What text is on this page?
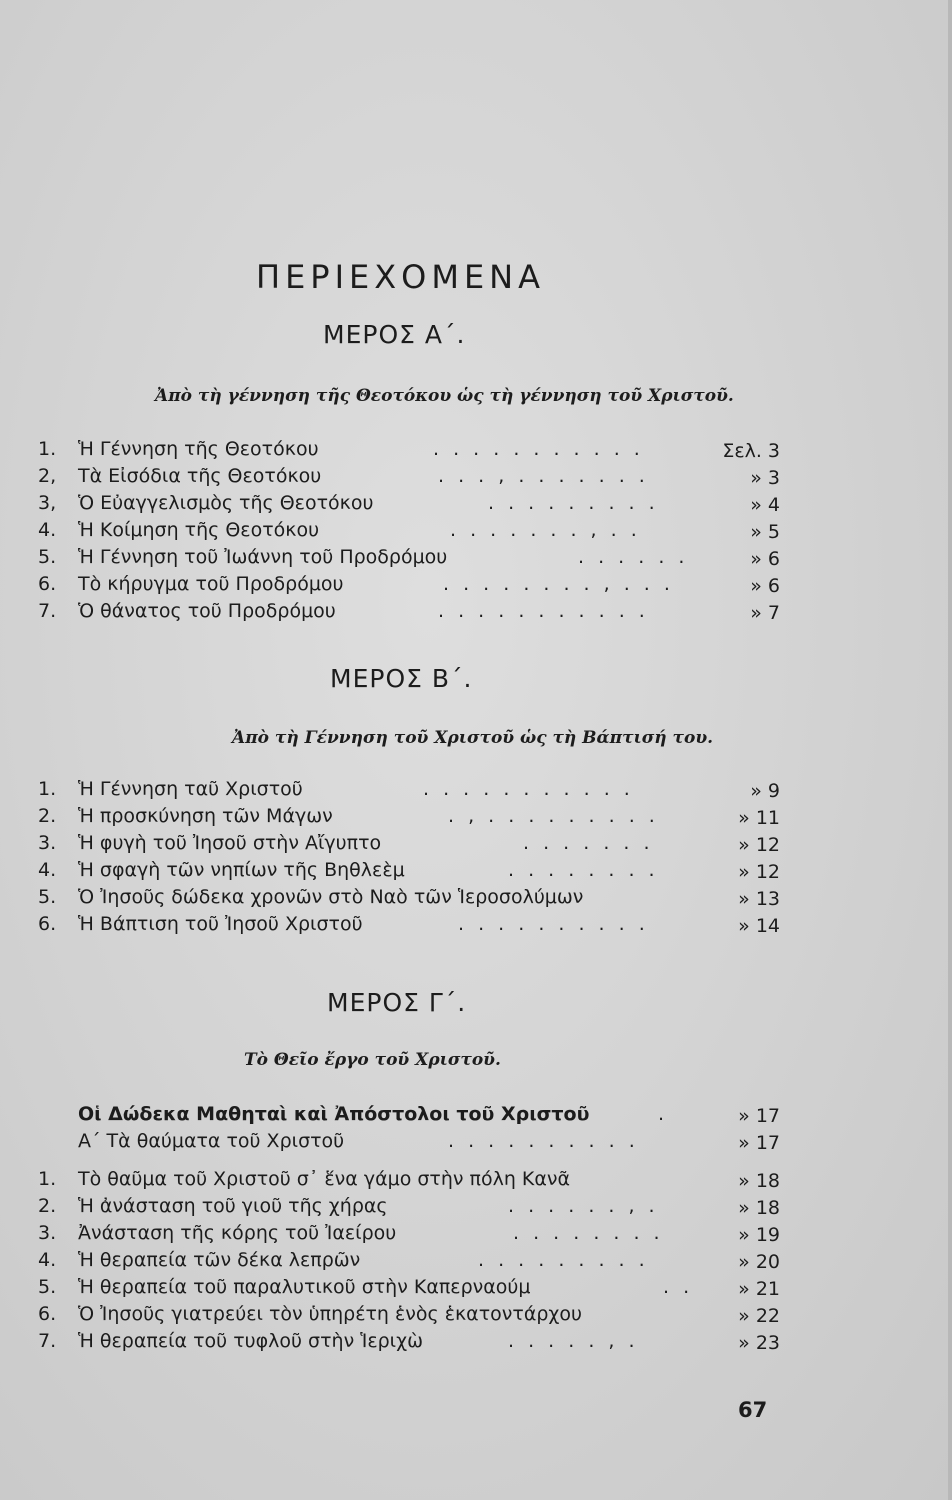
ΠΕΡΙΕΧΟΜΕΝΑ
ΜΕΡΟΣ Α΄.
Ἀπὸ τὴ γέννηση τῆς Θεοτόκου ὡς τὴ γέννηση τοῦ Χριστοῦ.
1. Ἡ Γέννηση τῆς Θεοτόκου	. . . . . . . . . . .	Σελ. 3
2, Τὰ Εἰσόδια τῆς Θεοτόκου	. . . , . . . . . . .	» 3
3, Ὁ Εὐαγγελισμὸς τῆς Θεοτόκου	. . . . . . . . .	» 4
4. Ἡ Κοίμηση τῆς Θεοτόκου	. . . . . . . , . .	» 5
5. Ἡ Γέννηση τοῦ Ἰωάννη τοῦ Προδρόμου	. . . . . .	» 6
6. Τὸ κήρυγμα τοῦ Προδρόμου	. . . . . . . . , . . .	» 6
7. Ὁ θάνατος τοῦ Προδρόμου	. . . . . . . . . . .	» 7
ΜΕΡΟΣ Β΄.
Ἀπὸ τὴ Γέννηση τοῦ Χριστοῦ ὡς τὴ Βάπτισή του.
1. Ἡ Γέννηση ταῦ Χριστοῦ	. . . . . . . . . . .	» 9
2. Ἡ προσκύνηση τῶν Μάγων	. , . . . . . . . . .	» 11
3. Ἡ φυγὴ τοῦ Ἰησοῦ στὴν Αἴγυπτο	. . . . . . .	» 12
4. Ἡ σφαγὴ τῶν νηπίων τῆς Βηθλεὲμ	. . . . . . . .	» 12
5. Ὁ Ἰησοῦς δώδεκα χρονῶν στὸ Ναὸ τῶν Ἱεροσολύμων	» 13
6. Ἡ Βάπτιση τοῦ Ἰησοῦ Χριστοῦ	. . . . . . . . . .	» 14
ΜΕΡΟΣ Γ΄.
Τὸ Θεῖο ἔργο τοῦ Χριστοῦ.
Οἱ Δώδεκα Μαθηταὶ καὶ Ἀπόστολοι τοῦ Χριστοῦ	.	» 17
Α΄ Τὰ θαύματα τοῦ Χριστοῦ	. . . . . . . . . .	» 17
1. Τὸ θαῦμα τοῦ Χριστοῦ σ᾽ ἕνα γάμο στὴν πόλη Κανᾶ	» 18
2. Ἡ ἀνάσταση τοῦ γιοῦ τῆς χήρας	. . . . . . , .	» 18
3. Ἀνάσταση τῆς κόρης τοῦ Ἰαείρου	. . . . . . . .	» 19
4. Ἡ θεραπεία τῶν δέκα λεπρῶν	. . . . . . . . .	» 20
5. Ἡ θεραπεία τοῦ παραλυτικοῦ στὴν Καπερναούμ	. . » 21
6. Ὁ Ἰησοῦς γιατρεύει τὸν ὑπηρέτη ἑνὸς ἑκατοντάρχου	» 22
7. Ἡ θεραπεία τοῦ τυφλοῦ στὴν Ἱεριχὼ	. . . . . , .	» 23
67
